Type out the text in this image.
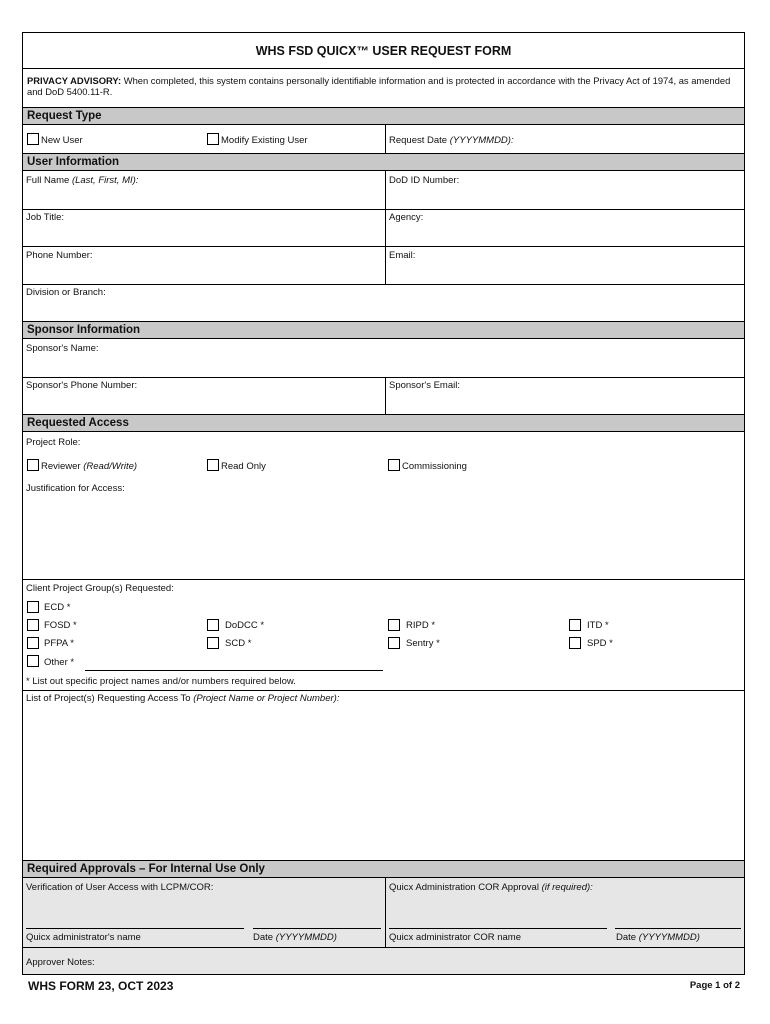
WHS FSD QUICX™ USER REQUEST FORM
PRIVACY ADVISORY: When completed, this system contains personally identifiable information and is protected in accordance with the Privacy Act of 1974, as amended and DoD 5400.11-R.
Request Type
New User	Modify Existing User	Request Date (YYYYMMDD):
User Information
Full Name (Last, First, MI):	DoD ID Number:
Job Title:	Agency:
Phone Number:	Email:
Division or Branch:
Sponsor Information
Sponsor's Name:
Sponsor's Phone Number:	Sponsor's Email:
Requested Access
Project Role:
Reviewer (Read/Write)	Read Only	Commissioning
Justification for Access:
Client Project Group(s) Requested:
ECD *
FOSD *	DoDCC *	RIPD *	ITD *
PFPA *	SCD *	Sentry *	SPD *
Other *
* List out specific project names and/or numbers required below.
List of Project(s) Requesting Access To (Project Name or Project Number):
Required Approvals – For Internal Use Only
Verification of User Access with LCPM/COR:	Quicx Administration COR Approval (if required):
Quicx administrator's name	Date (YYYYMMDD)	Quicx administrator COR name	Date (YYYYMMDD)
Approver Notes:
WHS FORM 23, OCT 2023	Page 1 of 2
